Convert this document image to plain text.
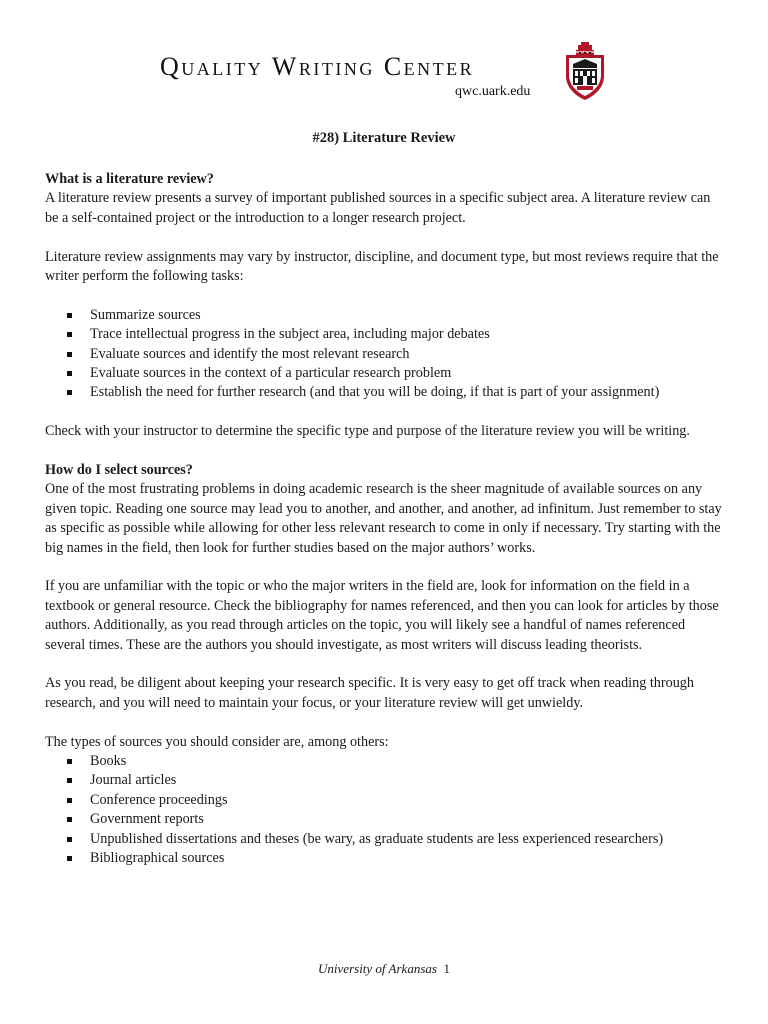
Quality Writing Center
qwc.uark.edu
#28) Literature Review
What is a literature review?

A literature review presents a survey of important published sources in a specific subject area. A literature review can be a self-contained project or the introduction to a longer research project.

Literature review assignments may vary by instructor, discipline, and document type, but most reviews require that the writer perform the following tasks:

Summarize sources
Trace intellectual progress in the subject area, including major debates
Evaluate sources and identify the most relevant research
Evaluate sources in the context of a particular research problem
Establish the need for further research (and that you will be doing, if that is part of your assignment)

Check with your instructor to determine the specific type and purpose of the literature review you will be writing.

How do I select sources?

One of the most frustrating problems in doing academic research is the sheer magnitude of available sources on any given topic. Reading one source may lead you to another, and another, and another, ad infinitum. Just remember to stay as specific as possible while allowing for other less relevant research to come in only if necessary. Try starting with the big names in the field, then look for further studies based on the major authors’ works.

If you are unfamiliar with the topic or who the major writers in the field are, look for information on the field in a textbook or general resource. Check the bibliography for names referenced, and then you can look for articles by those authors. Additionally, as you read through articles on the topic, you will likely see a handful of names referenced several times. These are the authors you should investigate, as most writers will discuss leading theorists.

As you read, be diligent about keeping your research specific. It is very easy to get off track when reading through research, and you will need to maintain your focus, or your literature review will get unwieldy.

The types of sources you should consider are, among others:

Books
Journal articles
Conference proceedings
Government reports
Unpublished dissertations and theses (be wary, as graduate students are less experienced researchers)
Bibliographical sources
University of Arkansas 1
